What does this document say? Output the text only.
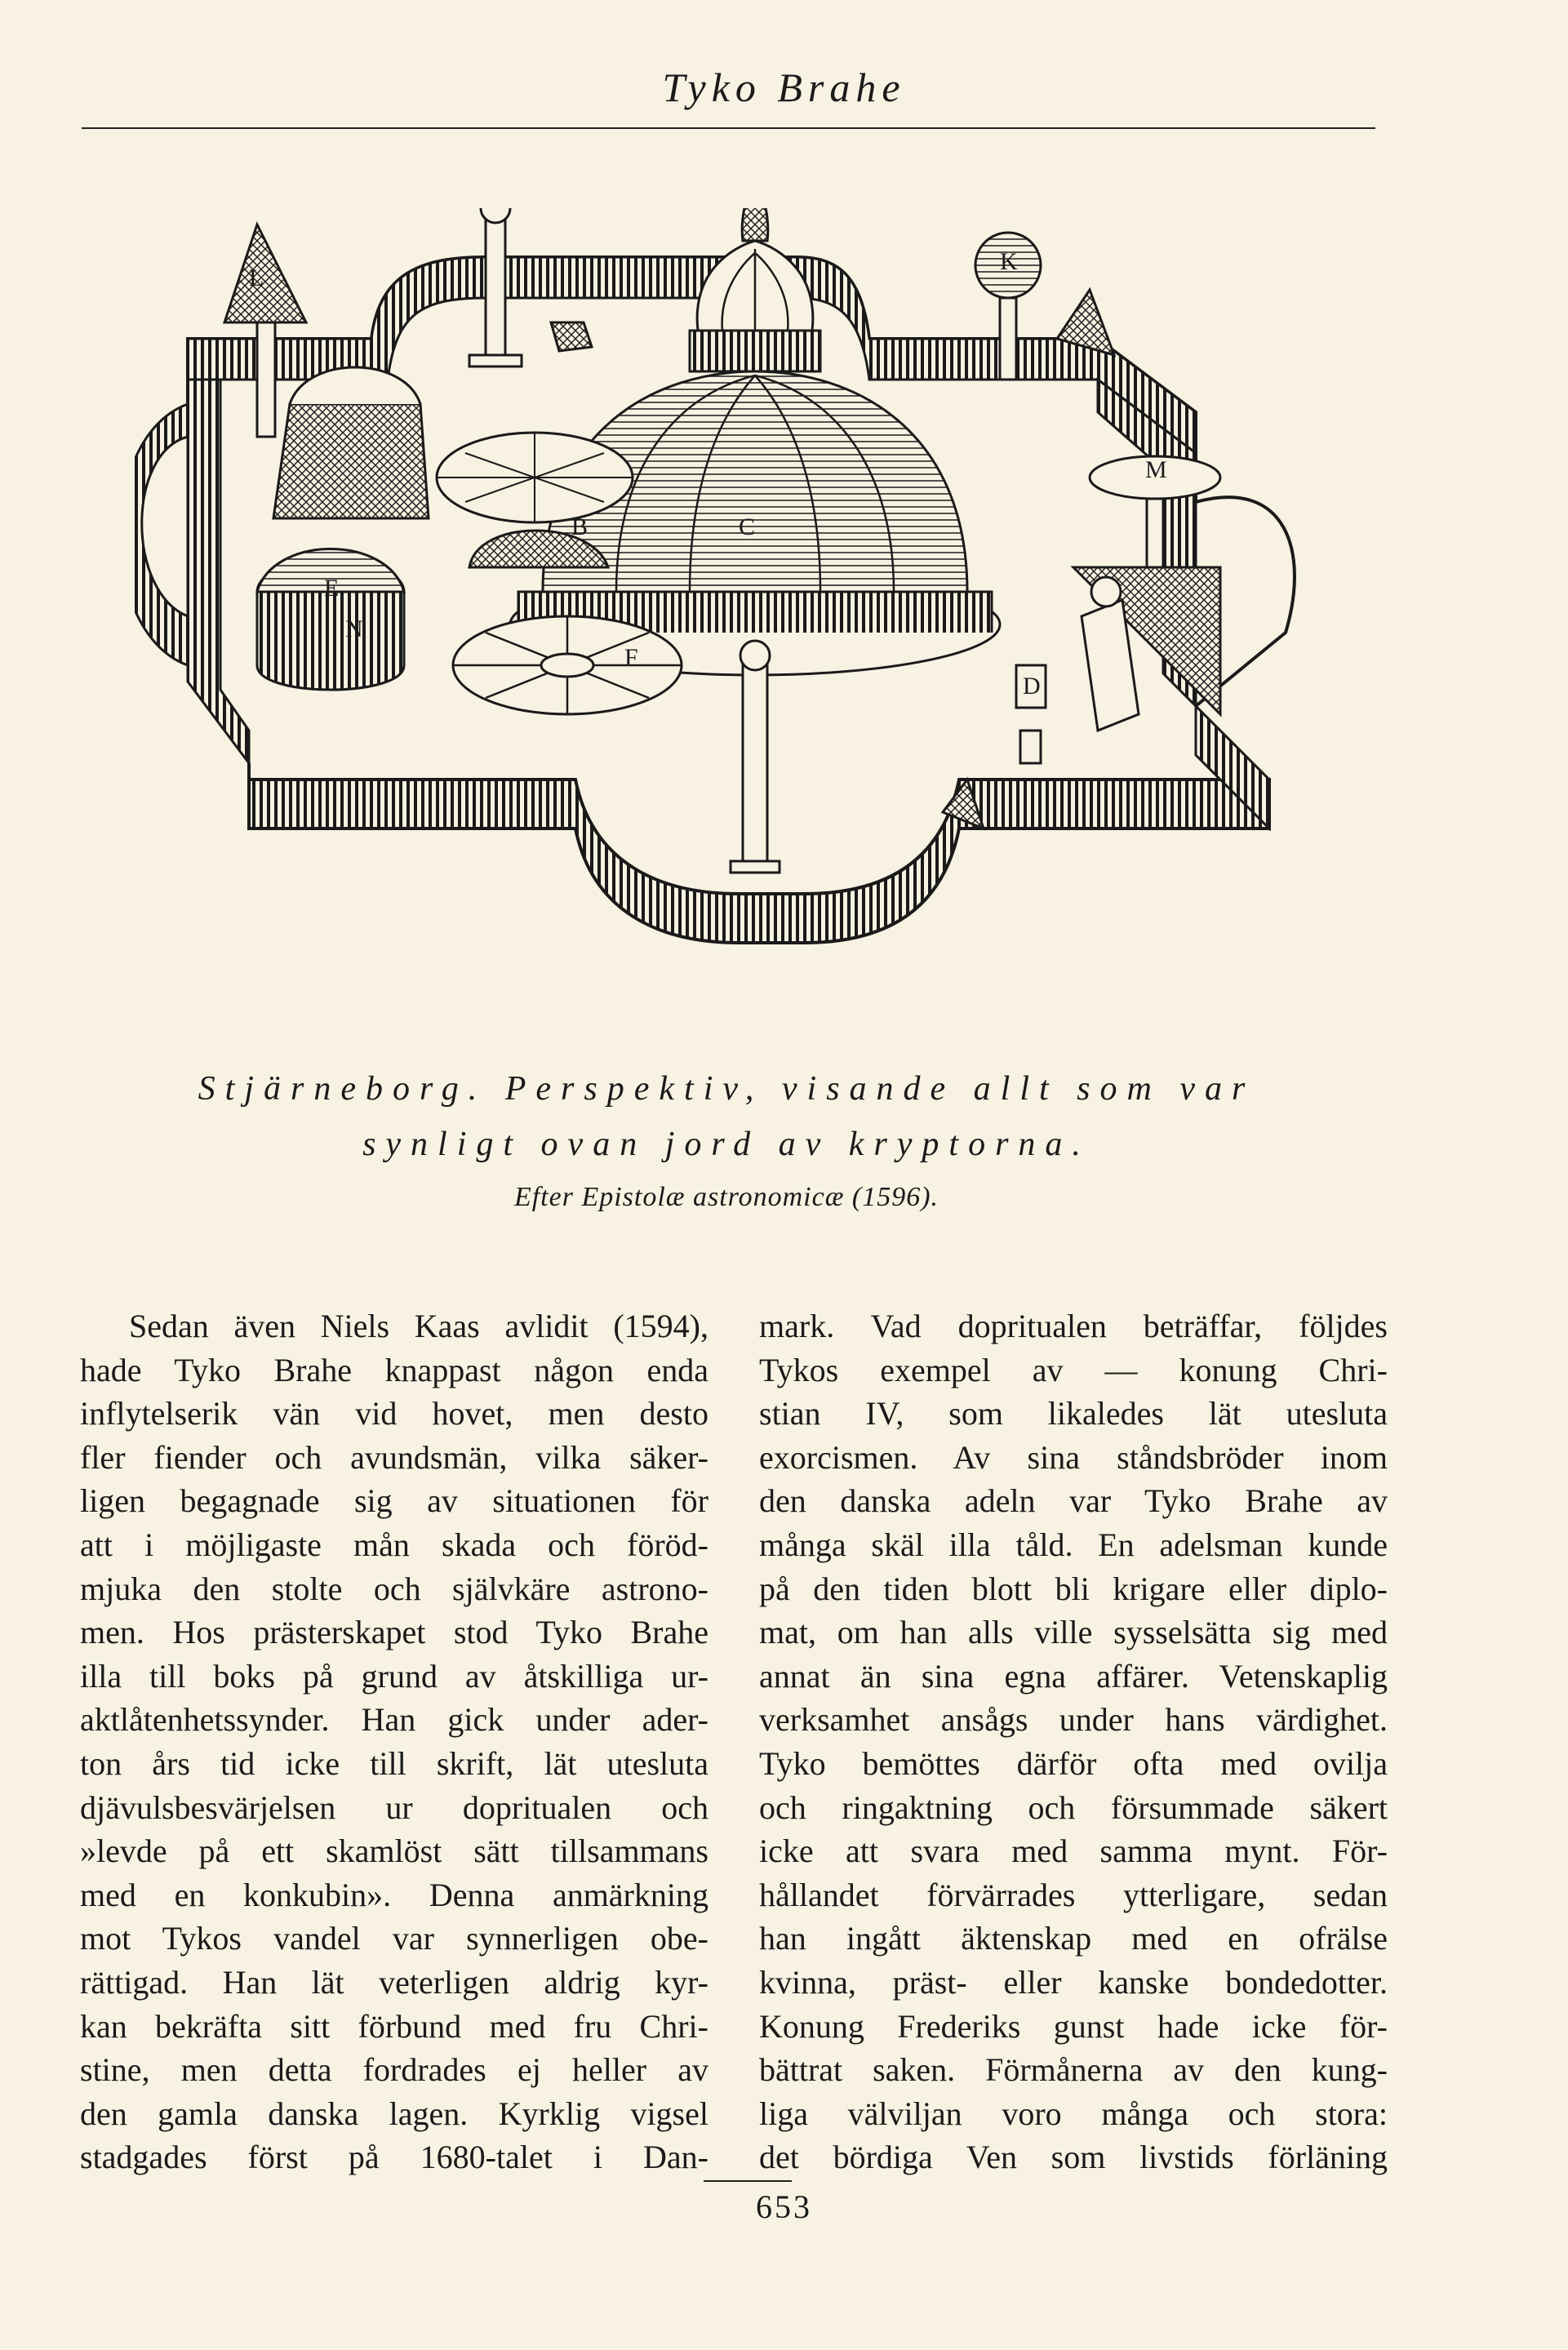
Tyko Brahe
L
K
C
E
B
N
F
M
D
Stjärneborg. Perspektiv, visande allt som var
synligt ovan jord av kryptorna.
Efter Epistolæ astronomicæ (1596).
Sedan även Niels Kaas avlidit (1594),
hade Tyko Brahe knappast någon enda
inflytelserik vän vid hovet, men desto
fler fiender och avundsmän, vilka säker-
ligen begagnade sig av situationen för
att i möjligaste mån skada och föröd-
mjuka den stolte och självkäre astrono-
men. Hos prästerskapet stod Tyko Brahe
illa till boks på grund av åtskilliga ur-
aktlåtenhetssynder. Han gick under ader-
ton års tid icke till skrift, lät utesluta
djävulsbesvärjelsen ur dopritualen och
»levde på ett skamlöst sätt tillsammans
med en konkubin». Denna anmärkning
mot Tykos vandel var synnerligen obe-
rättigad. Han lät veterligen aldrig kyr-
kan bekräfta sitt förbund med fru Chri-
stine, men detta fordrades ej heller av
den gamla danska lagen. Kyrklig vigsel
stadgades först på 1680-talet i Dan-
mark. Vad dopritualen beträffar, följdes
Tykos exempel av — konung Chri-
stian IV, som likaledes lät utesluta
exorcismen. Av sina ståndsbröder inom
den danska adeln var Tyko Brahe av
många skäl illa tåld. En adelsman kunde
på den tiden blott bli krigare eller diplo-
mat, om han alls ville sysselsätta sig med
annat än sina egna affärer. Vetenskaplig
verksamhet ansågs under hans värdighet.
Tyko bemöttes därför ofta med ovilja
och ringaktning och försummade säkert
icke att svara med samma mynt. För-
hållandet förvärrades ytterligare, sedan
han ingått äktenskap med en ofrälse
kvinna, präst- eller kanske bondedotter.
Konung Frederiks gunst hade icke för-
bättrat saken. Förmånerna av den kung-
liga välviljan voro många och stora:
det bördiga Ven som livstids förläning
653
